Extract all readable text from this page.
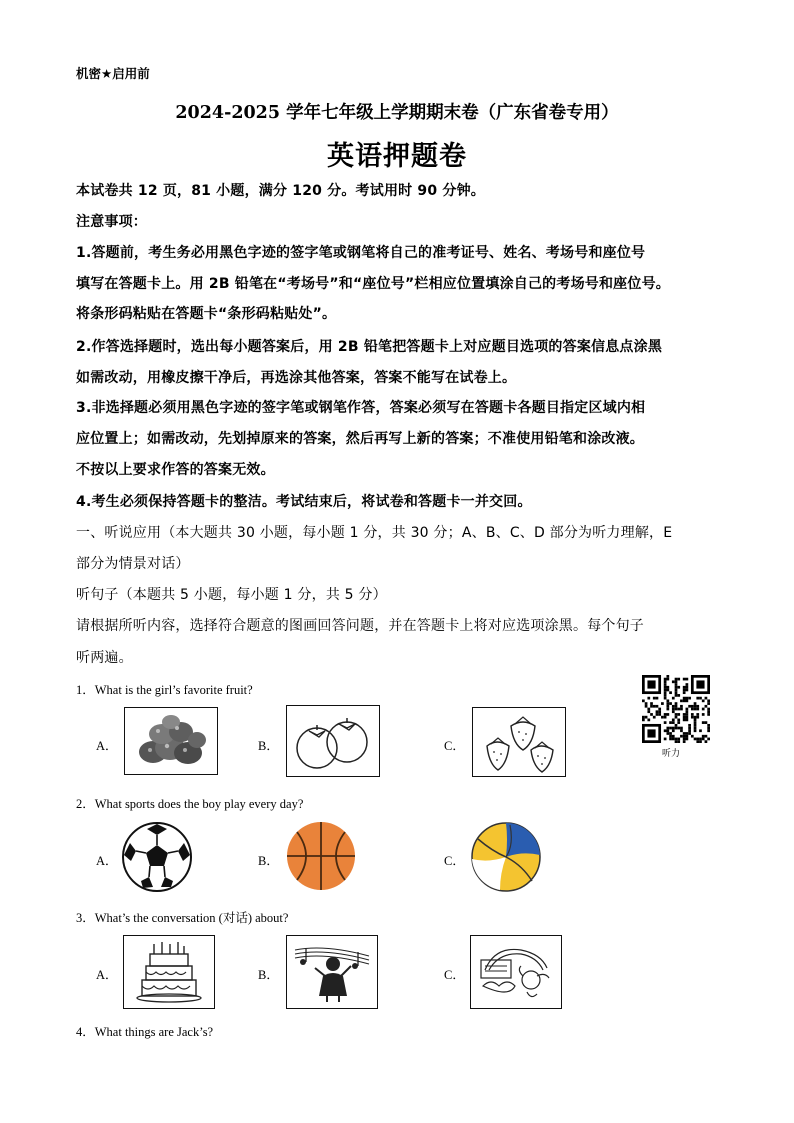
机密★启用前
2024-2025 学年七年级上学期期末卷（广东省卷专用）
英语押题卷
本试卷共 12 页，81 小题，满分 120 分。考试用时 90 分钟。
注意事项：
1.答题前，考生务必用黑色字迹的签字笔或钢笔将自己的准考证号、姓名、考场号和座位号
填写在答题卡上。用 2B 铅笔在“考场号”和“座位号”栏相应位置填涂自己的考场号和座位号。
将条形码粘贴在答题卡“条形码粘贴处”。
2.作答选择题时，选出每小题答案后，用 2B 铅笔把答题卡上对应题目选项的答案信息点涂黑
如需改动，用橡皮擦干净后，再选涂其他答案，答案不能写在试卷上。
3.非选择题必须用黑色字迹的签字笔或钢笔作答，答案必须写在答题卡各题目指定区域内相
应位置上；如需改动，先划掉原来的答案，然后再写上新的答案；不准使用铅笔和涂改液。
不按以上要求作答的答案无效。
4.考生必须保持答题卡的整洁。考试结束后，将试卷和答题卡一并交回。
一、听说应用（本大题共 30 小题，每小题 1 分，共 30 分；A、B、C、D 部分为听力理解，E
部分为情景对话）
听句子（本题共 5 小题，每小题 1 分，共 5 分）
请根据所听内容，选择符合题意的图画回答问题，并在答题卡上将对应选项涂黑。每个句子
听两遍。
听力
1．What is the girl’s favorite fruit?
A．	B．	C．
2．What sports does the boy play every day?
A．	B．	C．
3．What’s the conversation (对话) about?
A．	B．	C．
4．What things are Jack’s?
